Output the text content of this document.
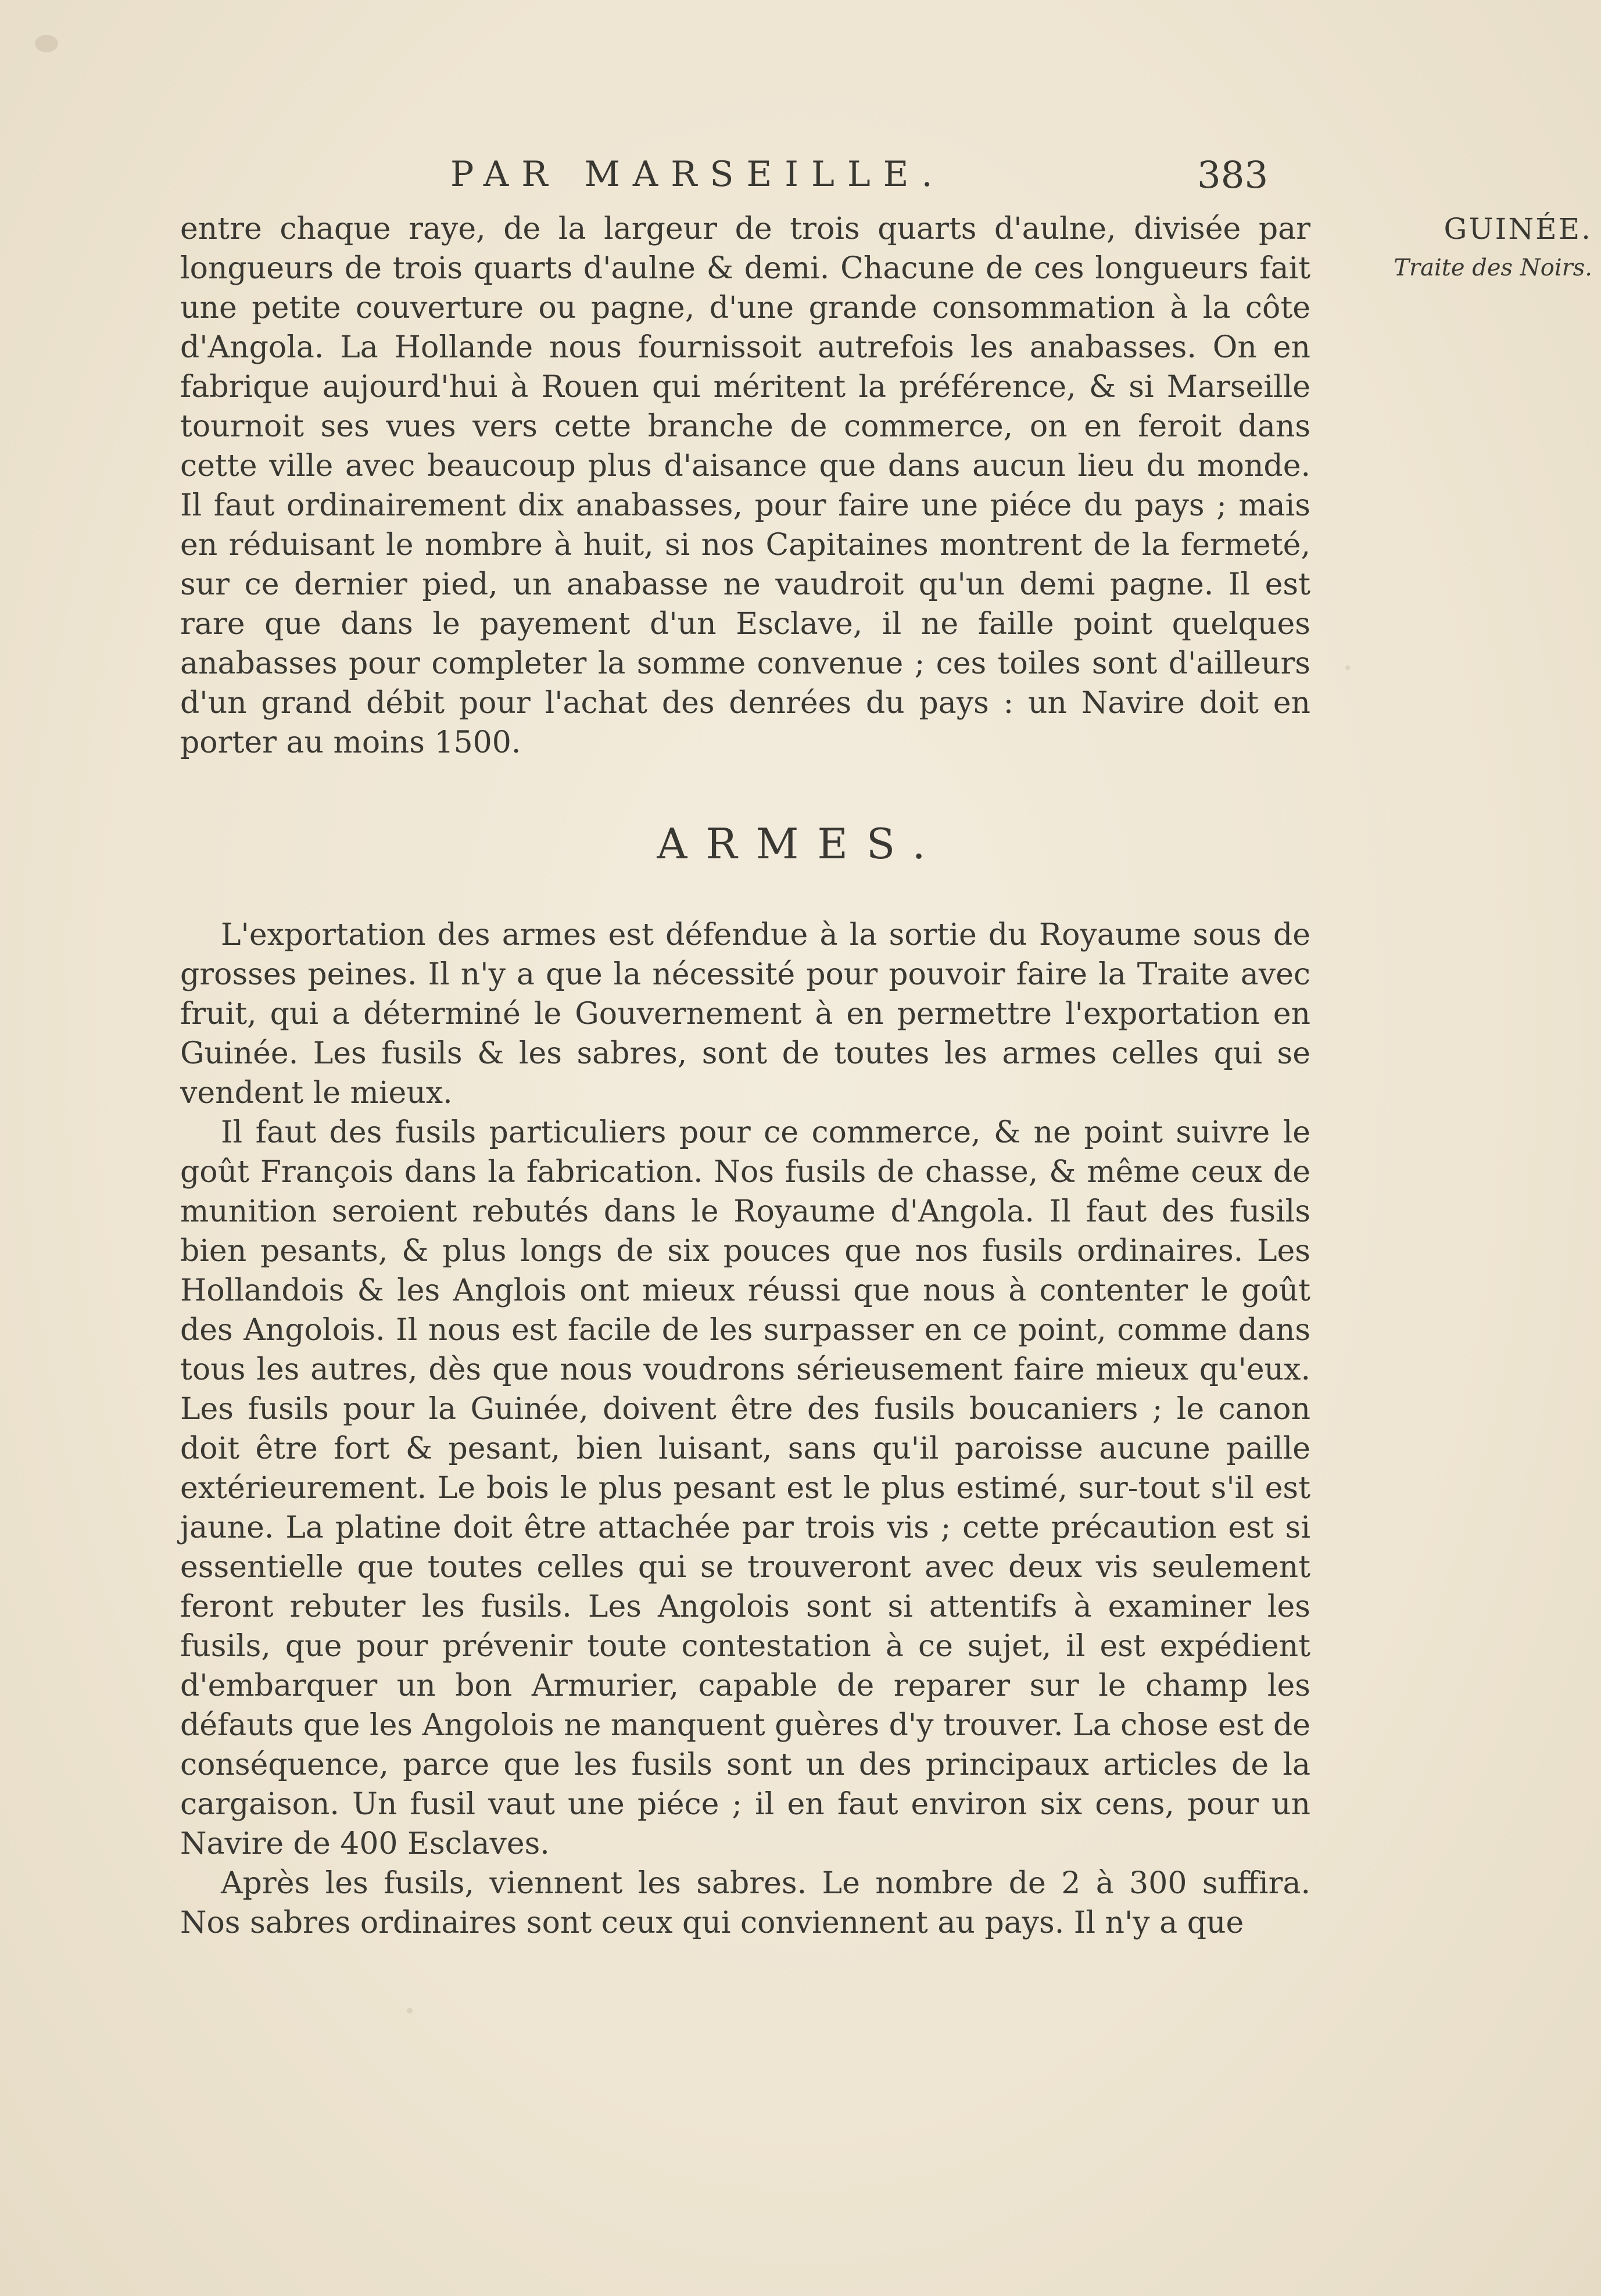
PAR MARSEILLE.	383
GUINÉE.
Traite des Noirs.

entre chaque raye, de la largeur de trois quarts d'aulne, divisée par longueurs de trois quarts d'aulne & demi. Chacune de ces longueurs fait une petite couverture ou pagne, d'une grande consommation à la côte d'Angola. La Hollande nous fournissoit autrefois les anabasses. On en fabrique aujourd'hui à Rouen qui méritent la préférence, & si Marseille tournoit ses vues vers cette branche de commerce, on en feroit dans cette ville avec beaucoup plus d'aisance que dans aucun lieu du monde. Il faut ordinairement dix anabasses, pour faire une piéce du pays ; mais en réduisant le nombre à huit, si nos Capitaines montrent de la fermeté, sur ce dernier pied, un anabasse ne vaudroit qu'un demi pagne. Il est rare que dans le payement d'un Esclave, il ne faille point quelques anabasses pour completer la somme convenue ; ces toiles sont d'ailleurs d'un grand débit pour l'achat des denrées du pays : un Navire doit en porter au moins 1500.

ARMES.

L'exportation des armes est défendue à la sortie du Royaume sous de grosses peines. Il n'y a que la nécessité pour pouvoir faire la Traite avec fruit, qui a déterminé le Gouvernement à en permettre l'exportation en Guinée. Les fusils & les sabres, sont de toutes les armes celles qui se vendent le mieux.

Il faut des fusils particuliers pour ce commerce, & ne point suivre le goût François dans la fabrication. Nos fusils de chasse, & même ceux de munition seroient rebutés dans le Royaume d'Angola. Il faut des fusils bien pesants, & plus longs de six pouces que nos fusils ordinaires. Les Hollandois & les Anglois ont mieux réussi que nous à contenter le goût des Angolois. Il nous est facile de les surpasser en ce point, comme dans tous les autres, dès que nous voudrons sérieusement faire mieux qu'eux. Les fusils pour la Guinée, doivent être des fusils boucaniers ; le canon doit être fort & pesant, bien luisant, sans qu'il paroisse aucune paille extérieurement. Le bois le plus pesant est le plus estimé, sur-tout s'il est jaune. La platine doit être attachée par trois vis ; cette précaution est si essentielle que toutes celles qui se trouveront avec deux vis seulement feront rebuter les fusils. Les Angolois sont si attentifs à examiner les fusils, que pour prévenir toute contestation à ce sujet, il est expédient d'embarquer un bon Armurier, capable de reparer sur le champ les défauts que les Angolois ne manquent guères d'y trouver. La chose est de conséquence, parce que les fusils sont un des principaux articles de la cargaison. Un fusil vaut une piéce ; il en faut environ six cens, pour un Navire de 400 Esclaves.

Après les fusils, viennent les sabres. Le nombre de 2 à 300 suffira. Nos sabres ordinaires sont ceux qui conviennent au pays. Il n'y a que
